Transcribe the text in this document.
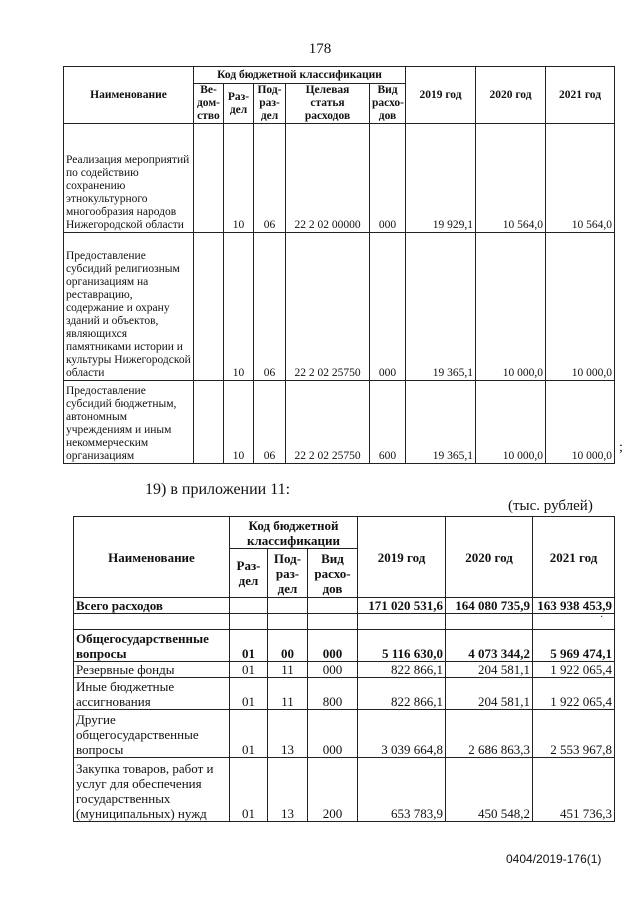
178
Наименование	Код бюджетной классификации					2019 год	2020 год	2021 год
	Ве-дом-ство	Раз-дел	Под-раз-дел	Целевая статья расходов	Вид расхо-дов			
Реализация мероприятий по содействию сохранению этнокультурного многообразия народов Нижегородской области		10	06	22 2 02 00000	000	19 929,1	10 564,0	10 564,0
Предоставление субсидий религиозным организациям на реставрацию, содержание и охрану зданий и объектов, являющихся памятниками истории и культуры Нижегородской области		10	06	22 2 02 25750	000	19 365,1	10 000,0	10 000,0
Предоставление субсидий бюджетным, автономным учреждениям и иным некоммерческим организациям		10	06	22 2 02 25750	600	19 365,1	10 000,0	10 000,0
;
19) в приложении 11:
(тыс. рублей)
·
Наименование	Код бюджетной классификации			2019 год	2020 год	2021 год
	Раз-дел	Под-раз-дел	Вид расхо-дов			
Всего расходов				171 020 531,6	164 080 735,9	163 938 453,9

Общегосударственные вопросы	01	00	000	5 116 630,0	4 073 344,2	5 969 474,1
Резервные фонды	01	11	000	822 866,1	204 581,1	1 922 065,4
Иные бюджетные ассигнования	01	11	800	822 866,1	204 581,1	1 922 065,4
Другие общегосударственные вопросы	01	13	000	3 039 664,8	2 686 863,3	2 553 967,8
Закупка товаров, работ и услуг для обеспечения государственных (муниципальных) нужд	01	13	200	653 783,9	450 548,2	451 736,3
0404/2019-176(1)
